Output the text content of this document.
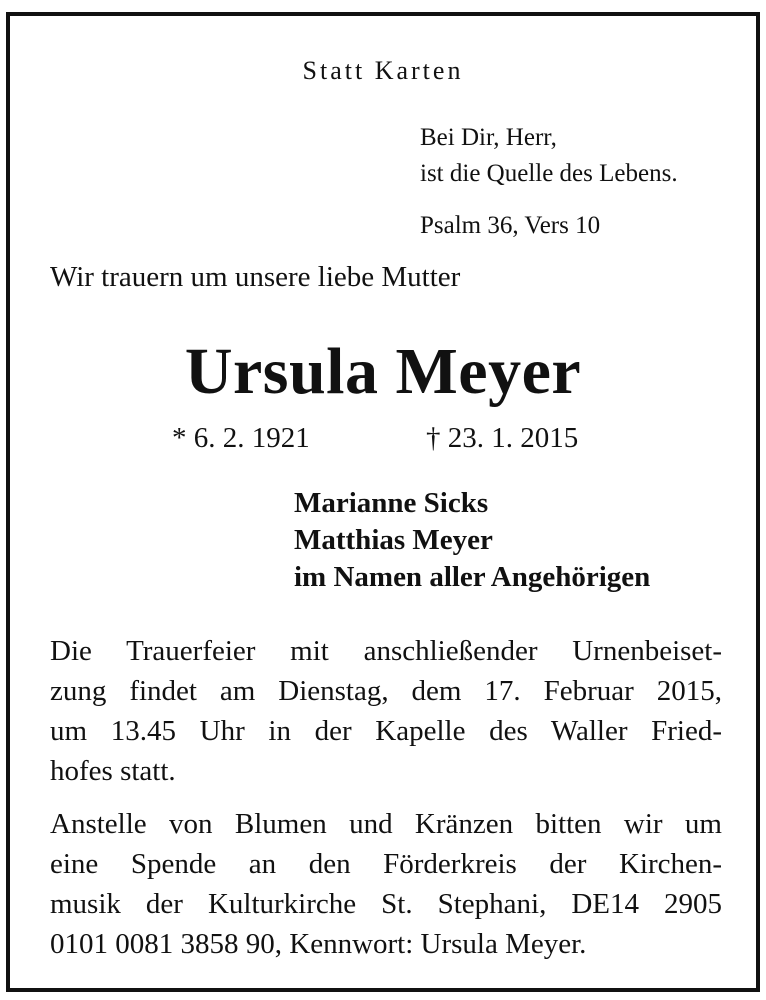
Statt Karten
Bei Dir, Herr,
ist die Quelle des Lebens.
Psalm 36, Vers 10
Wir trauern um unsere liebe Mutter
Ursula Meyer
* 6. 2. 1921	† 23. 1. 2015
Marianne Sicks
Matthias Meyer
im Namen aller Angehörigen
Die Trauerfeier mit anschließender Urnenbeiset-
zung findet am Dienstag, dem 17. Februar 2015,
um 13.45 Uhr in der Kapelle des Waller Fried-
hofes statt.
Anstelle von Blumen und Kränzen bitten wir um
eine Spende an den Förderkreis der Kirchen-
musik der Kulturkirche St. Stephani, DE14 2905
0101 0081 3858 90, Kennwort: Ursula Meyer.
